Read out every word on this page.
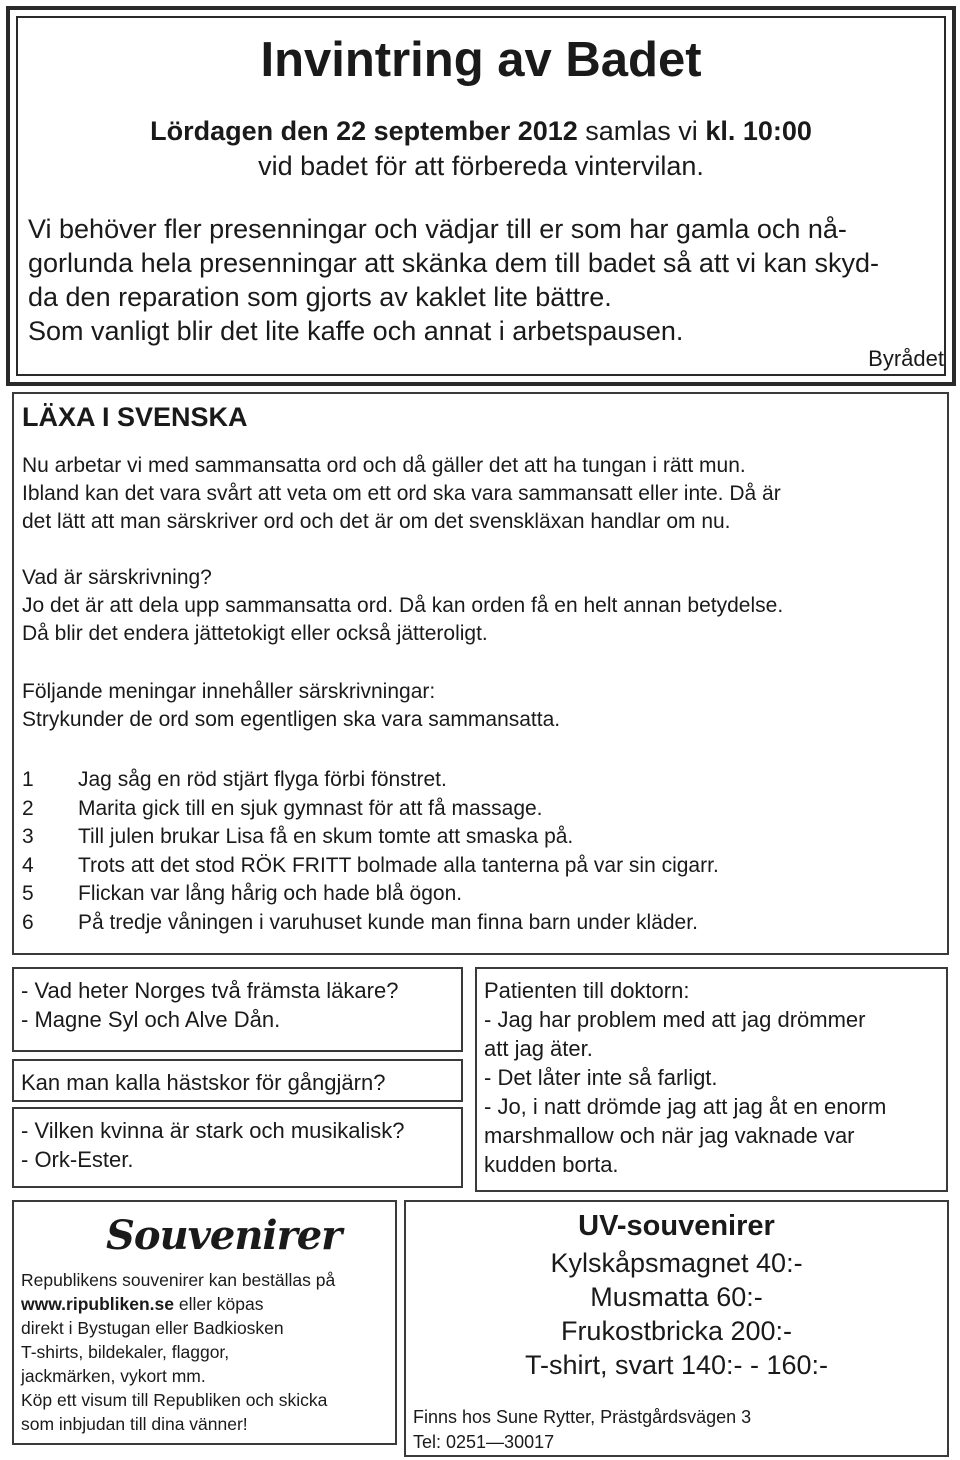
Invintring av Badet
Lördagen den 22 september 2012 samlas vi kl. 10:00
vid badet för att förbereda vintervilan.
Vi behöver fler presenningar och vädjar till er som har gamla och nå-
gorlunda hela presenningar att skänka dem till badet så att vi kan skyd-
da den reparation som gjorts av kaklet lite bättre.
Som vanligt blir det lite kaffe och annat i arbetspausen.
Byrådet
LÄXA I SVENSKA
Nu arbetar vi med sammansatta ord och då gäller det att ha tungan i rätt mun.
Ibland kan det vara svårt att veta om ett ord ska vara sammansatt eller inte. Då är
det lätt att man särskriver ord och det är om det svenskläxan handlar om nu.
Vad är särskrivning?
Jo det är att dela upp sammansatta ord. Då kan orden få en helt annan betydelse.
Då blir det endera jättetokigt eller också jätteroligt.
Följande meningar innehåller särskrivningar:
Strykunder de ord som egentligen ska vara sammansatta.
1 Jag såg en röd stjärt flyga förbi fönstret.
2 Marita gick till en sjuk gymnast för att få massage.
3 Till julen brukar Lisa få en skum tomte att smaska på.
4 Trots att det stod RÖK FRITT bolmade alla tanterna på var sin cigarr.
5 Flickan var lång hårig och hade blå ögon.
6 På tredje våningen i varuhuset kunde man finna barn under kläder.
- Vad heter Norges två främsta läkare?
- Magne Syl och Alve Dån.
Kan man kalla hästskor för gångjärn?
- Vilken kvinna är stark och musikalisk?
- Ork-Ester.
Patienten till doktorn:
- Jag har problem med att jag drömmer
att jag äter.
- Det låter inte så farligt.
- Jo, i natt drömde jag att jag åt en enorm
marshmallow och när jag vaknade var
kudden borta.
Souvenirer
Republikens souvenirer kan beställas på
www.ripubliken.se eller köpas
direkt i Bystugan eller Badkiosken
T-shirts, bildekaler, flaggor,
jackmärken, vykort mm.
Köp ett visum till Republiken och skicka
som inbjudan till dina vänner!
UV-souvenirer
Kylskåpsmagnet 40:-
Musmatta 60:-
Frukostbricka 200:-
T-shirt, svart 140:- - 160:-
Finns hos Sune Rytter, Prästgårdsvägen 3
Tel: 0251—30017
